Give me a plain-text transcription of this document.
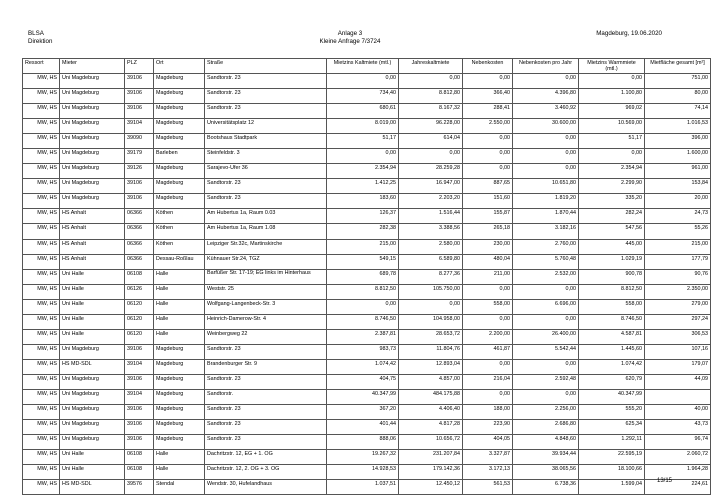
BLSA
Direktion
Anlage 3
Kleine Anfrage 7/3724
Magdeburg, 19.06.2020
Ressort	Mieter	PLZ	Ort	Straße	Mietzins Kaltmiete (mtl.)	Jahreskaltmiete	Nebenkosten	Nebenkosten pro Jahr	Mietzins Warmmiete (mtl.)	Mietfläche gesamt [m²]
MW, HS	Uni Magdeburg	39106	Magdeburg	Sandtorstr. 23	0,00	0,00	0,00	0,00	0,00	751,00
MW, HS	Uni Magdeburg	39106	Magdeburg	Sandtorstr. 23	734,40	8.812,80	366,40	4.396,80	1.100,80	80,00
MW, HS	Uni Magdeburg	39106	Magdeburg	Sandtorstr. 23	680,61	8.167,32	288,41	3.460,92	969,02	74,14
MW, HS	Uni Magdeburg	39104	Magdeburg	Universitätsplatz 12	8.019,00	96.228,00	2.550,00	30.600,00	10.569,00	1.016,53
MW, HS	Uni Magdeburg	39090	Magdeburg	Bootshaus Stadtpark	51,17	614,04	0,00	0,00	51,17	396,00
MW, HS	Uni Magdeburg	39179	Barleben	Steinfeldstr. 3	0,00	0,00	0,00	0,00	0,00	1.600,00
MW, HS	Uni Magdeburg	39126	Magdeburg	Sarajevo-Ufer 36	2.354,94	28.259,28	0,00	0,00	2.354,94	961,00
MW, HS	Uni Magdeburg	39106	Magdeburg	Sandtorstr. 23	1.412,25	16.947,00	887,65	10.651,80	2.299,90	153,84
MW, HS	Uni Magdeburg	39106	Magdeburg	Sandtorstr. 23	183,60	2.203,20	151,60	1.819,20	335,20	20,00
MW, HS	HS Anhalt	06366	Köthen	Am Hubertus 1a, Raum 0.03	126,37	1.516,44	155,87	1.870,44	282,24	24,73
MW, HS	HS Anhalt	06366	Köthen	Am Hubertus 1a, Raum 1.08	282,38	3.388,56	265,18	3.182,16	547,56	55,26
MW, HS	HS Anhalt	06366	Köthen	Leipziger Str.32c, Martinskirche	215,00	2.580,00	230,00	2.760,00	445,00	215,00
MW, HS	HS Anhalt	06366	Dessau-Roßlau	Kühnauer Str.24, TGZ	549,15	6.589,80	480,04	5.760,48	1.029,19	177,79
MW, HS	Uni Halle	06108	Halle	Barfüßer Str. 17-19; EG links im Hinterhaus	689,78	8.277,36	211,00	2.532,00	900,78	90,76
MW, HS	Uni Halle	06126	Halle	Weststr. 25	8.812,50	105.750,00	0,00	0,00	8.812,50	2.350,00
MW, HS	Uni Halle	06120	Halle	Wolfgang-Langenbeck-Str. 3	0,00	0,00	558,00	6.696,00	558,00	279,00
MW, HS	Uni Halle	06120	Halle	Heinrich-Damerow-Str. 4	8.746,50	104.958,00	0,00	0,00	8.746,50	297,24
MW, HS	Uni Halle	06120	Halle	Weinbergweg 22	2.387,81	28.653,72	2.200,00	26.400,00	4.587,81	306,53
MW, HS	Uni Magdeburg	39106	Magdeburg	Sandtorstr. 23	983,73	11.804,76	461,87	5.542,44	1.445,60	107,16
MW, HS	HS MD-SDL	39104	Magdeburg	Brandenburger Str. 9	1.074,42	12.893,04	0,00	0,00	1.074,42	179,07
MW, HS	Uni Magdeburg	39106	Magdeburg	Sandtorstr. 23	404,75	4.857,00	216,04	2.592,48	620,79	44,09
MW, HS	Uni Magdeburg	39104	Magdeburg	Sandtorstr.	40.347,99	484.175,88	0,00	0,00	40.347,99	
MW, HS	Uni Magdeburg	39106	Magdeburg	Sandtorstr. 23	367,20	4.406,40	188,00	2.256,00	555,20	40,00
MW, HS	Uni Magdeburg	39106	Magdeburg	Sandtorstr. 23	401,44	4.817,28	223,90	2.686,80	625,34	43,73
MW, HS	Uni Magdeburg	39106	Magdeburg	Sandtorstr. 23	888,06	10.656,72	404,05	4.848,60	1.292,11	96,74
MW, HS	Uni Halle	06108	Halle	Dachritzstr. 12, EG + 1. OG	19.267,32	231.207,84	3.327,87	39.934,44	22.595,19	2.060,72
MW, HS	Uni Halle	06108	Halle	Dachritzstr. 12, 2. OG + 3. OG	14.928,53	179.142,36	3.172,13	38.065,56	18.100,66	1.964,28
MW, HS	HS MD-SDL	39576	Stendal	Wendstr. 30, Hufelandhaus	1.037,51	12.450,12	561,53	6.738,36	1.599,04	224,61
13/15
